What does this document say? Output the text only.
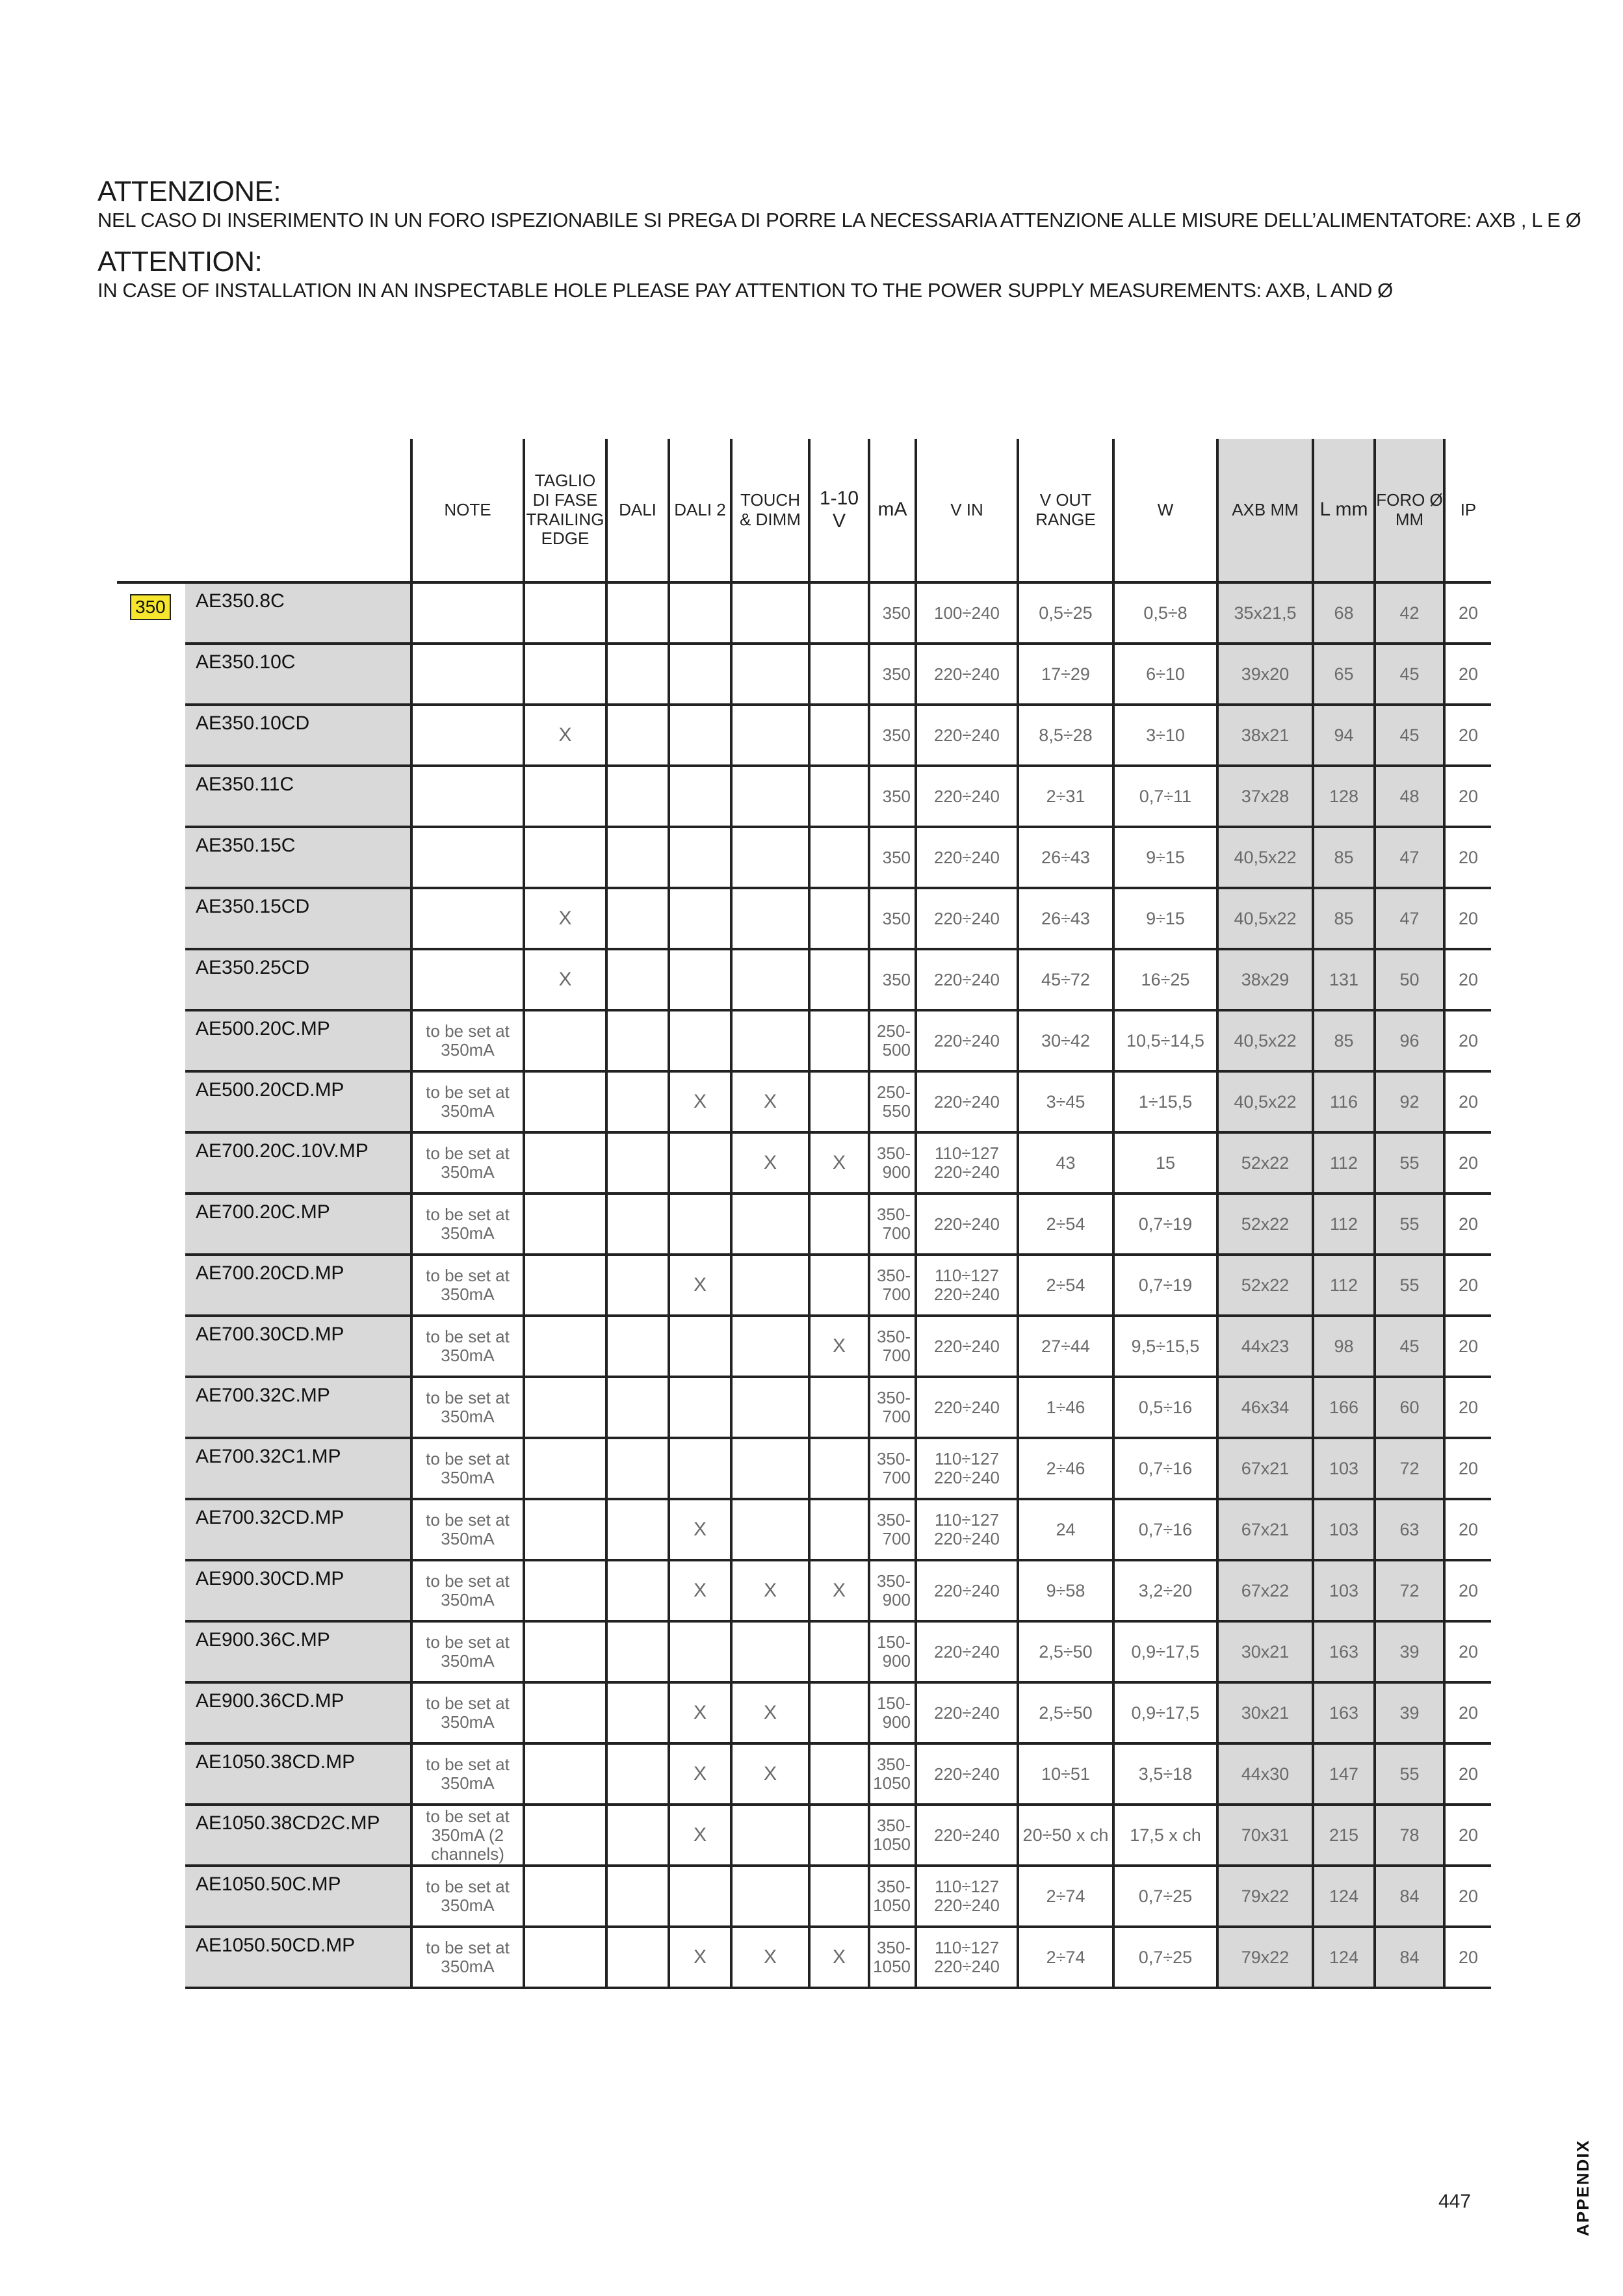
ATTENZIONE:
NEL CASO DI INSERIMENTO IN UN FORO ISPEZIONABILE SI PREGA DI PORRE LA NECESSARIA ATTENZIONE ALLE MISURE DELL’ALIMENTATORE: AXB , L E Ø
ATTENTION:
IN CASE OF INSTALLATION IN AN INSPECTABLE HOLE PLEASE PAY ATTENTION TO THE POWER SUPPLY MEASUREMENTS: AXB, L AND Ø
		NOTE	TAGLIO DI FASE TRAILING EDGE	DALI	DALI 2	TOUCH & DIMM	1-10 V	mA	V IN	V OUT RANGE	W	AXB MM	L mm	FORO Ø MM	IP
350	AE350.8C							350	100÷240	0,5÷25	0,5÷8	35x21,5	68	42	20
	AE350.10C							350	220÷240	17÷29	6÷10	39x20	65	45	20
	AE350.10CD		X					350	220÷240	8,5÷28	3÷10	38x21	94	45	20
	AE350.11C							350	220÷240	2÷31	0,7÷11	37x28	128	48	20
	AE350.15C							350	220÷240	26÷43	9÷15	40,5x22	85	47	20
	AE350.15CD		X					350	220÷240	26÷43	9÷15	40,5x22	85	47	20
	AE350.25CD		X					350	220÷240	45÷72	16÷25	38x29	131	50	20
	AE500.20C.MP	to be set at 350mA						250-500	220÷240	30÷42	10,5÷14,5	40,5x22	85	96	20
	AE500.20CD.MP	to be set at 350mA			X	X		250-550	220÷240	3÷45	1÷15,5	40,5x22	116	92	20
	AE700.20C.10V.MP	to be set at 350mA				X	X	350-900	110÷127 220÷240	43	15	52x22	112	55	20
	AE700.20C.MP	to be set at 350mA						350-700	220÷240	2÷54	0,7÷19	52x22	112	55	20
	AE700.20CD.MP	to be set at 350mA			X			350-700	110÷127 220÷240	2÷54	0,7÷19	52x22	112	55	20
	AE700.30CD.MP	to be set at 350mA					X	350-700	220÷240	27÷44	9,5÷15,5	44x23	98	45	20
	AE700.32C.MP	to be set at 350mA						350-700	220÷240	1÷46	0,5÷16	46x34	166	60	20
	AE700.32C1.MP	to be set at 350mA						350-700	110÷127 220÷240	2÷46	0,7÷16	67x21	103	72	20
	AE700.32CD.MP	to be set at 350mA			X			350-700	110÷127 220÷240	24	0,7÷16	67x21	103	63	20
	AE900.30CD.MP	to be set at 350mA			X	X	X	350-900	220÷240	9÷58	3,2÷20	67x22	103	72	20
	AE900.36C.MP	to be set at 350mA						150-900	220÷240	2,5÷50	0,9÷17,5	30x21	163	39	20
	AE900.36CD.MP	to be set at 350mA			X	X		150-900	220÷240	2,5÷50	0,9÷17,5	30x21	163	39	20
	AE1050.38CD.MP	to be set at 350mA			X	X		350-1050	220÷240	10÷51	3,5÷18	44x30	147	55	20
	AE1050.38CD2C.MP	to be set at 350mA (2 channels)			X			350-1050	220÷240	20÷50 x ch	17,5 x ch	70x31	215	78	20
	AE1050.50C.MP	to be set at 350mA						350-1050	110÷127 220÷240	2÷74	0,7÷25	79x22	124	84	20
	AE1050.50CD.MP	to be set at 350mA			X	X	X	350-1050	110÷127 220÷240	2÷74	0,7÷25	79x22	124	84	20
447	APPENDIX
